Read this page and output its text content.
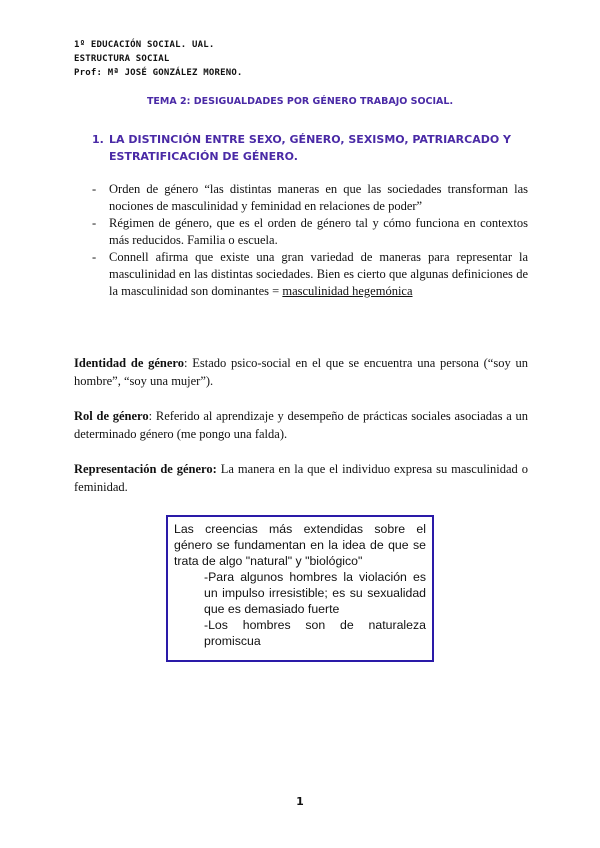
1º EDUCACIÓN SOCIAL. UAL.
ESTRUCTURA SOCIAL
Prof: Mª JOSÉ GONZÁLEZ MORENO.
TEMA 2: DESIGUALDADES POR GÉNERO TRABAJO SOCIAL.
1. LA DISTINCIÓN ENTRE SEXO, GÉNERO, SEXISMO, PATRIARCADO Y ESTRATIFICACIÓN DE GÉNERO.
- Orden de género “las distintas maneras en que las sociedades transforman las nociones de masculinidad y feminidad en relaciones de poder”
- Régimen de género, que es el orden de género tal y cómo funciona en contextos más reducidos. Familia o escuela.
- Connell afirma que existe una gran variedad de maneras para representar la masculinidad en las distintas sociedades. Bien es cierto que algunas definiciones de la masculinidad son dominantes = masculinidad hegemónica
Identidad de género: Estado psico-social en el que se encuentra una persona (“soy un hombre”, “soy una mujer”).
Rol de género: Referido al aprendizaje y desempeño de prácticas sociales asociadas a un determinado género (me pongo una falda).
Representación de género: La manera en la que el individuo expresa su masculinidad o feminidad.
Las creencias más extendidas sobre el género se fundamentan en la idea de que se trata de algo "natural" y "biológico"
-Para algunos hombres la violación es un impulso irresistible; es su sexualidad que es demasiado fuerte
-Los hombres son de naturaleza promiscua
1
